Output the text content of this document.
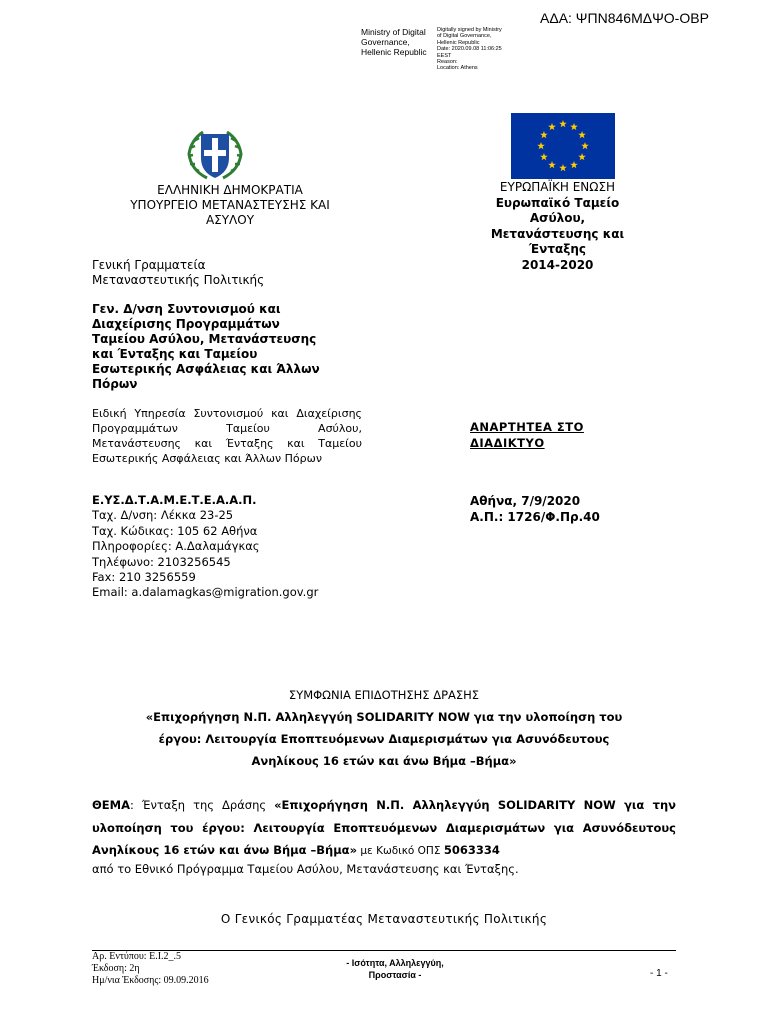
ΑΔΑ: ΨΠΝ846ΜΔΨΟ-ΟΒΡ
Ministry of Digital
Governance,
Hellenic Republic
Digitally signed by Ministry
of Digital Governance,
Hellenic Republic
Date: 2020.09.08 11:06:25
EEST
Reason:
Location: Athens
ΕΛΛΗΝΙΚΗ ΔΗΜΟΚΡΑΤΙΑ
ΥΠΟΥΡΓΕΙΟ ΜΕΤΑΝΑΣΤΕΥΣΗΣ ΚΑΙ
ΑΣΥΛΟΥ
ΕΥΡΩΠΑΪΚΗ ΕΝΩΣΗ
Ευρωπαϊκό Ταμείο
Ασύλου,
Μετανάστευσης και
Ένταξης
2014-2020
Γενική Γραμματεία
Μεταναστευτικής Πολιτικής
Γεν. Δ/νση Συντονισμού και
Διαχείρισης Προγραμμάτων
Ταμείου Ασύλου, Μετανάστευσης
και Ένταξης και Ταμείου
Εσωτερικής Ασφάλειας και Άλλων
Πόρων
Ειδική Υπηρεσία Συντονισμού και Διαχείρισης Προγραμμάτων Ταμείου Ασύλου, Μετανάστευσης και Ένταξης και Ταμείου Εσωτερικής Ασφάλειας και Άλλων Πόρων
ΑΝΑΡΤΗΤΕΑ ΣΤΟ
ΔΙΑΔΙΚΤΥΟ
Ε.ΥΣ.Δ.Τ.Α.Μ.Ε.Τ.Ε.Α.Α.Π.
Ταχ. Δ/νση: Λέκκα 23-25
Ταχ. Κώδικας: 105 62 Αθήνα
Πληροφορίες: Α.Δαλαμάγκας
Τηλέφωνο: 2103256545
Fax: 210 3256559
Email: a.dalamagkas@migration.gov.gr
Αθήνα, 7/9/2020
Α.Π.: 1726/Φ.Πρ.40
ΣΥΜΦΩΝΙΑ ΕΠΙΔΟΤΗΣΗΣ ΔΡΑΣΗΣ
«Επιχορήγηση Ν.Π. Αλληλεγγύη SOLIDARITY NOW για την υλοποίηση του
έργου: Λειτουργία Εποπτευόμενων Διαμερισμάτων για Ασυνόδευτους
Ανηλίκους 16 ετών και άνω Βήμα –Βήμα»
ΘΕΜΑ: Ένταξη της Δράσης «Επιχορήγηση Ν.Π. Αλληλεγγύη SOLIDARITY NOW για την υλοποίηση του έργου: Λειτουργία Εποπτευόμενων Διαμερισμάτων για Ασυνόδευτους Ανηλίκους 16 ετών και άνω Βήμα –Βήμα» με Κωδικό ΟΠΣ 5063334
από το Εθνικό Πρόγραμμα Ταμείου Ασύλου, Μετανάστευσης και Ένταξης.
Ο Γενικός Γραμματέας Μεταναστευτικής Πολιτικής
Αρ. Εντύπου: Ε.Ι.2_.5
Έκδοση: 2η
Ημ/νια Έκδοσης: 09.09.2016
- Ισότητα, Αλληλεγγύη,
Προστασία -	- 1 -
